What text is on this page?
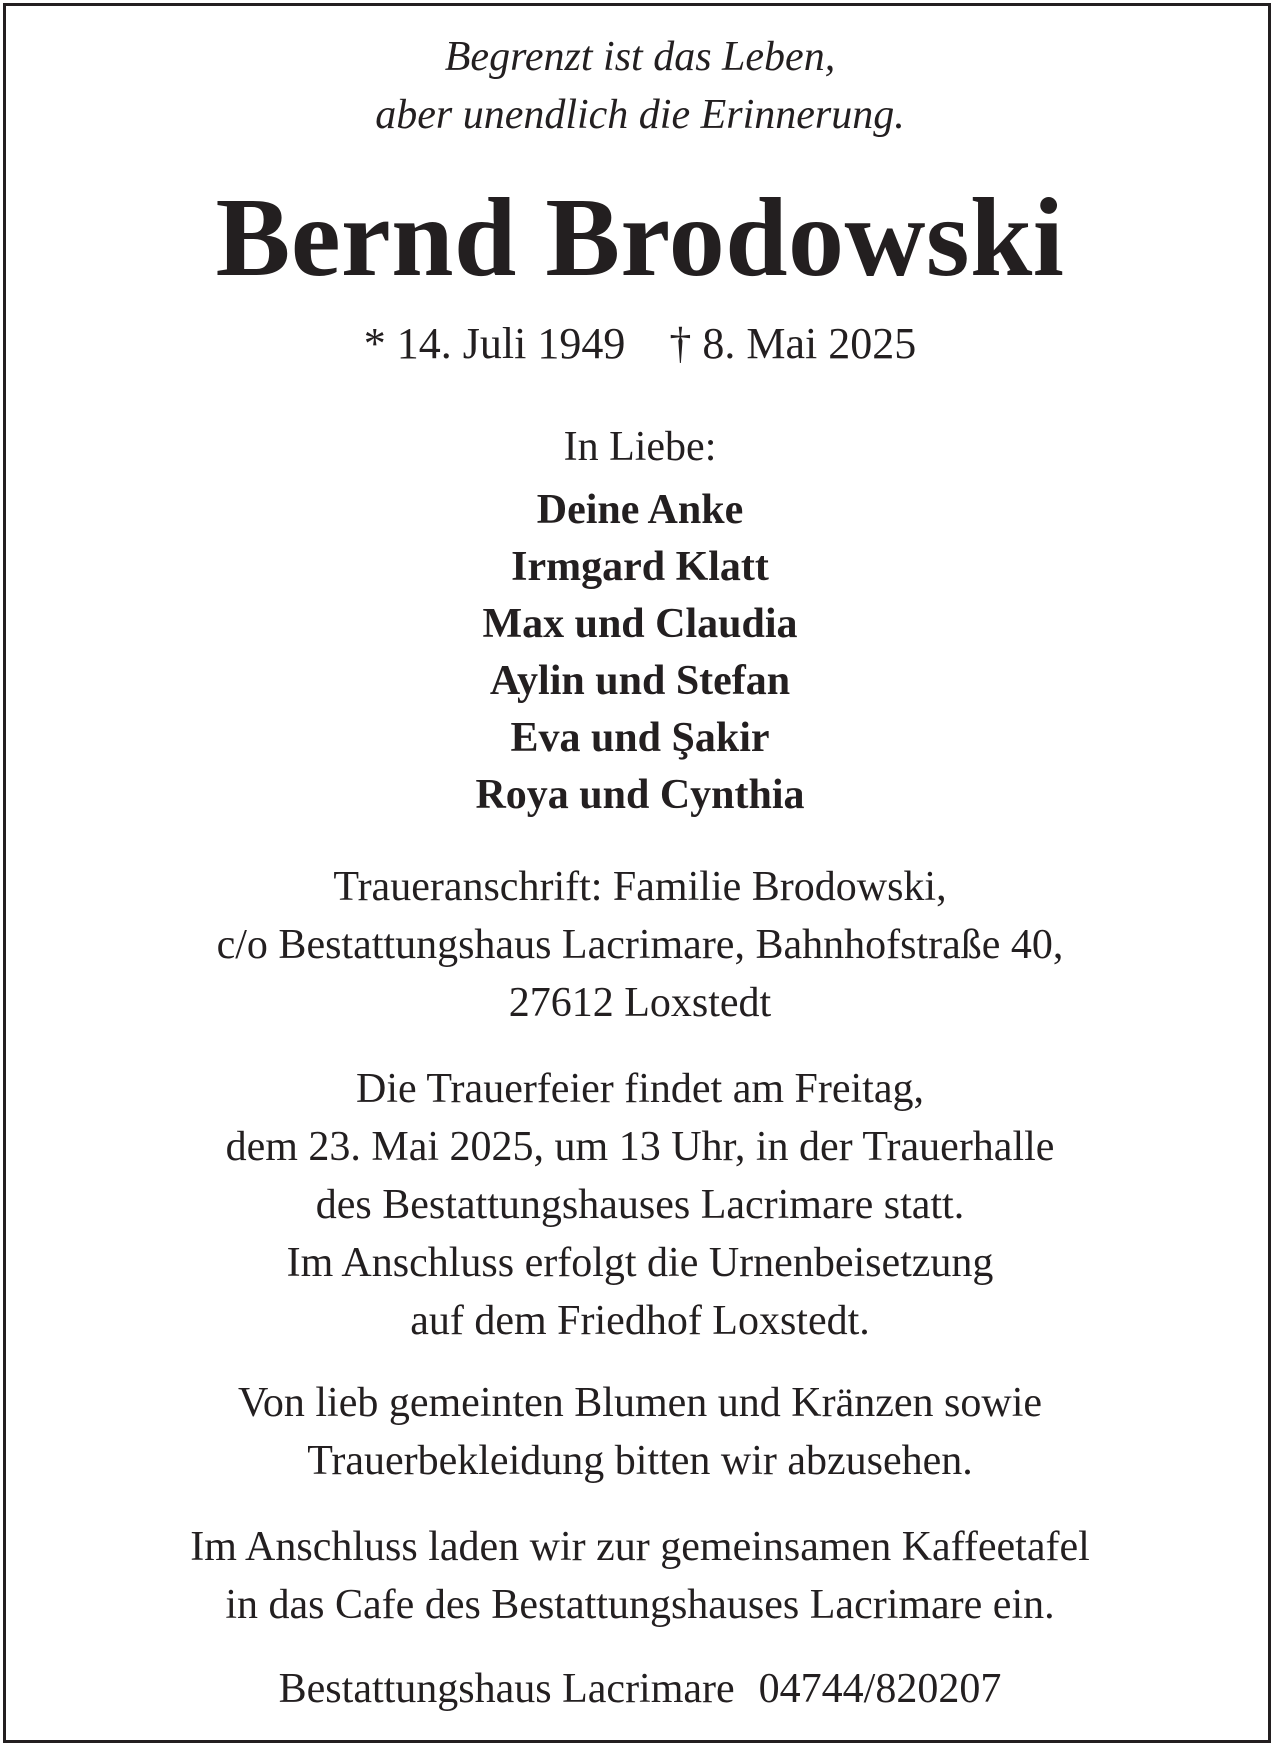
Begrenzt ist das Leben,
aber unendlich die Erinnerung.
Bernd Brodowski
* 14. Juli 1949 † 8. Mai 2025
In Liebe:
Deine Anke
Irmgard Klatt
Max und Claudia
Aylin und Stefan
Eva und Şakir
Roya und Cynthia
Traueranschrift: Familie Brodowski,
c/o Bestattungshaus Lacrimare, Bahnhofstraße 40,
27612 Loxstedt
Die Trauerfeier findet am Freitag,
dem 23. Mai 2025, um 13 Uhr, in der Trauerhalle
des Bestattungshauses Lacrimare statt.
Im Anschluss erfolgt die Urnenbeisetzung
auf dem Friedhof Loxstedt.
Von lieb gemeinten Blumen und Kränzen sowie
Trauerbekleidung bitten wir abzusehen.
Im Anschluss laden wir zur gemeinsamen Kaffeetafel
in das Cafe des Bestattungshauses Lacrimare ein.
Bestattungshaus Lacrimare 04744/820207
